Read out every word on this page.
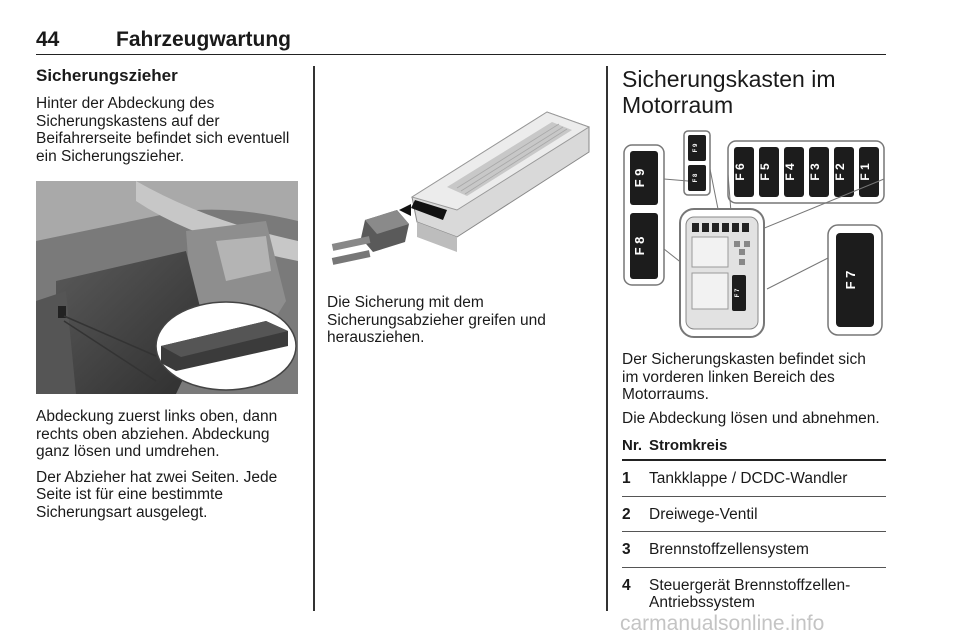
44	Fahrzeugwartung
Sicherungszieher

Hinter der Abdeckung des Sicherungskastens auf der Beifahrerseite befindet sich eventuell ein Sicherungszieher.

Abdeckung zuerst links oben, dann rechts oben abziehen. Abdeckung ganz lösen und umdrehen.

Der Abzieher hat zwei Seiten. Jede Seite ist für eine bestimmte Sicherungsart ausgelegt.

Die Sicherung mit dem Sicherungsabzieher greifen und herausziehen.

Sicherungskasten im Motorraum
F 9
F 8
F 9
F 8	F 6 F 5 F 4 F 3 F 2 F 1
F 7
F 7

Der Sicherungskasten befindet sich im vorderen linken Bereich des Motorraums.

Die Abdeckung lösen und abnehmen.

Nr.	Stromkreis
1	Tankklappe / DCDC-Wandler
2	Dreiwege-Ventil
3	Brennstoffzellensystem
4	Steuergerät Brennstoffzellen-Antriebssystem
carmanualsonline.info
